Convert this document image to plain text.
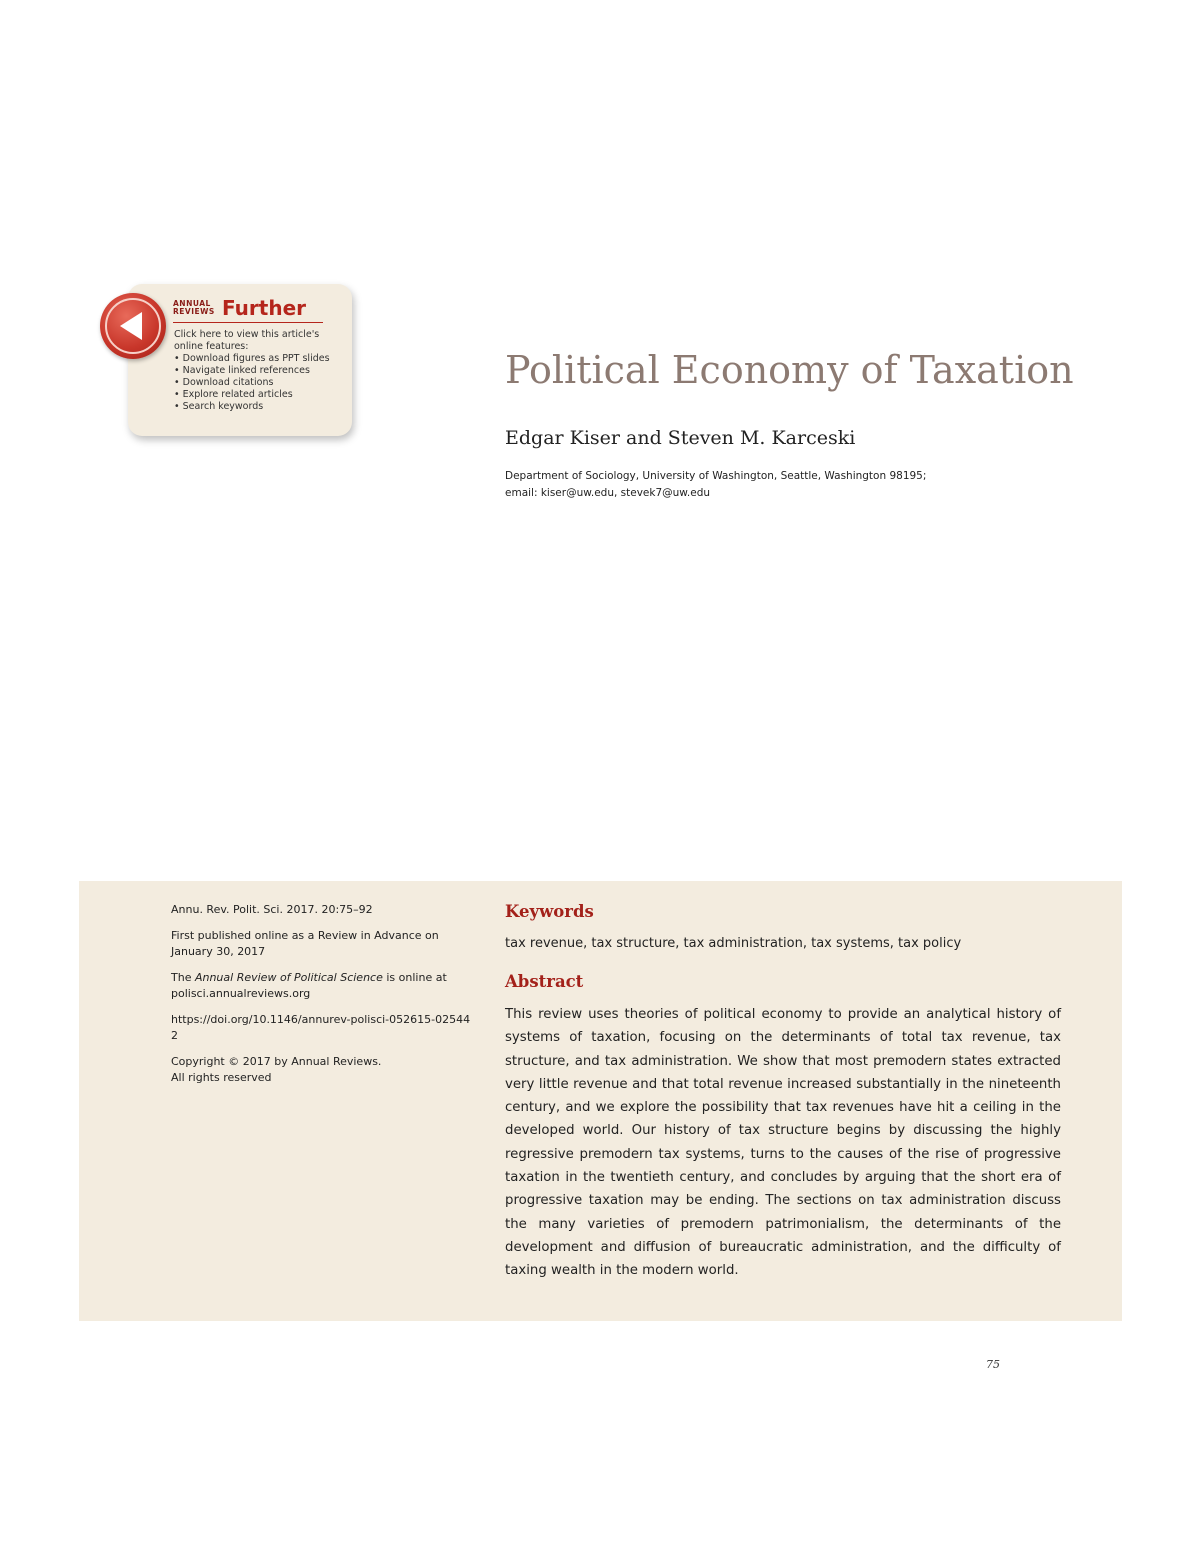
ANNUAL
REVIEWS Further
Click here to view this article's online features:
• Download figures as PPT slides
• Navigate linked references
• Download citations
• Explore related articles
• Search keywords
Political Economy of Taxation
Edgar Kiser and Steven M. Karceski
Department of Sociology, University of Washington, Seattle, Washington 98195;
email: kiser@uw.edu, stevek7@uw.edu

Annu. Rev. Polit. Sci. 2017. 20:75–92

First published online as a Review in Advance on January 30, 2017

The Annual Review of Political Science is online at polisci.annualreviews.org

https://doi.org/10.1146/annurev-polisci-052615-025442

Copyright © 2017 by Annual Reviews.
All rights reserved

Keywords
tax revenue, tax structure, tax administration, tax systems, tax policy
Abstract
This review uses theories of political economy to provide an analytical history of systems of taxation, focusing on the determinants of total tax revenue, tax structure, and tax administration. We show that most premodern states extracted very little revenue and that total revenue increased substantially in the nineteenth century, and we explore the possibility that tax revenues have hit a ceiling in the developed world. Our history of tax structure begins by discussing the highly regressive premodern tax systems, turns to the causes of the rise of progressive taxation in the twentieth century, and concludes by arguing that the short era of progressive taxation may be ending. The sections on tax administration discuss the many varieties of premodern patrimonialism, the determinants of the development and diffusion of bureaucratic administration, and the difficulty of taxing wealth in the modern world.
75
